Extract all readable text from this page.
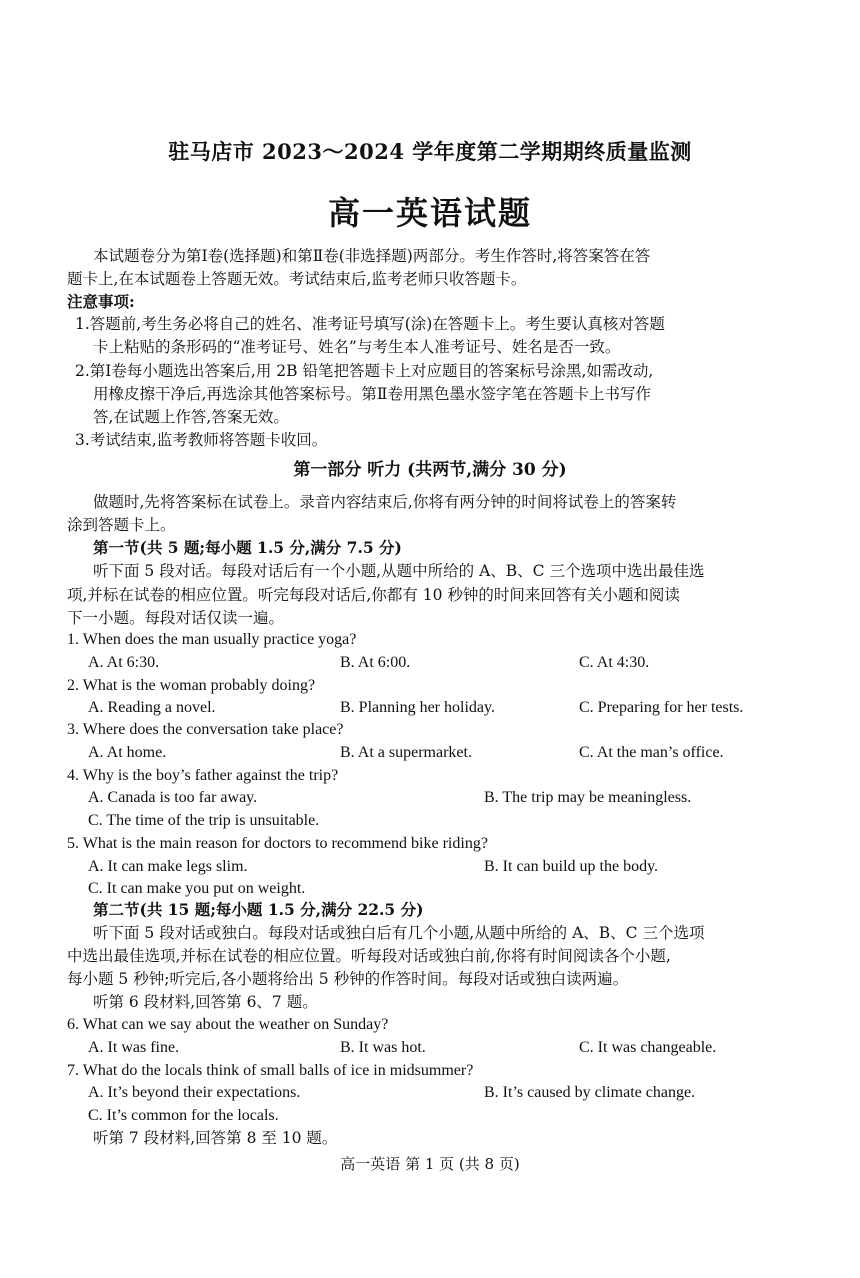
驻马店市 2023～2024 学年度第二学期期终质量监测
高一英语试题
本试题卷分为第Ⅰ卷(选择题)和第Ⅱ卷(非选择题)两部分。考生作答时,将答案答在答
题卡上,在本试题卷上答题无效。考试结束后,监考老师只收答题卡。
注意事项:
1.答题前,考生务必将自己的姓名、准考证号填写(涂)在答题卡上。考生要认真核对答题
卡上粘贴的条形码的“准考证号、姓名”与考生本人准考证号、姓名是否一致。
2.第Ⅰ卷每小题选出答案后,用 2B 铅笔把答题卡上对应题目的答案标号涂黑,如需改动,
用橡皮擦干净后,再选涂其他答案标号。第Ⅱ卷用黑色墨水签字笔在答题卡上书写作
答,在试题上作答,答案无效。
3.考试结束,监考教师将答题卡收回。
第一部分 听力 (共两节,满分 30 分)
做题时,先将答案标在试卷上。录音内容结束后,你将有两分钟的时间将试卷上的答案转
涂到答题卡上。
第一节(共 5 题;每小题 1.5 分,满分 7.5 分)
听下面 5 段对话。每段对话后有一个小题,从题中所给的 A、B、C 三个选项中选出最佳选
项,并标在试卷的相应位置。听完每段对话后,你都有 10 秒钟的时间来回答有关小题和阅读
下一小题。每段对话仅读一遍。
1. When does the man usually practice yoga?
A. At 6:30.	B. At 6:00.	C. At 4:30.
2. What is the woman probably doing?
A. Reading a novel.	B. Planning her holiday.	C. Preparing for her tests.
3. Where does the conversation take place?
A. At home.	B. At a supermarket.	C. At the man’s office.
4. Why is the boy’s father against the trip?
A. Canada is too far away.	B. The trip may be meaningless.
C. The time of the trip is unsuitable.
5. What is the main reason for doctors to recommend bike riding?
A. It can make legs slim.	B. It can build up the body.
C. It can make you put on weight.
第二节(共 15 题;每小题 1.5 分,满分 22.5 分)
听下面 5 段对话或独白。每段对话或独白后有几个小题,从题中所给的 A、B、C 三个选项
中选出最佳选项,并标在试卷的相应位置。听每段对话或独白前,你将有时间阅读各个小题,
每小题 5 秒钟;听完后,各小题将给出 5 秒钟的作答时间。每段对话或独白读两遍。
听第 6 段材料,回答第 6、7 题。
6. What can we say about the weather on Sunday?
A. It was fine.	B. It was hot.	C. It was changeable.
7. What do the locals think of small balls of ice in midsummer?
A. It’s beyond their expectations.	B. It’s caused by climate change.
C. It’s common for the locals.
听第 7 段材料,回答第 8 至 10 题。
高一英语 第 1 页 (共 8 页)
